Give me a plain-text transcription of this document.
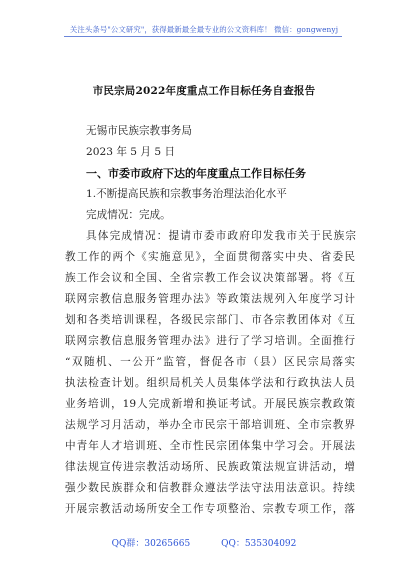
关注头条号"公文研究"，获得最新最全最专业的公文资料库！ 微信：gongwenyj
市民宗局2022年度重点工作目标任务自查报告
无锡市民族宗教事务局
2023 年 5 月 5 日
一、市委市政府下达的年度重点工作目标任务
1.不断提高民族和宗教事务治理法治化水平
完成情况：完成。
具体完成情况：提请市委市政府印发我市关于民族宗
教工作的两个《实施意见》，全面贯彻落实中央、省委民
族工作会议和全国、全省宗教工作会议决策部署。将《互
联网宗教信息服务管理办法》等政策法规列入年度学习计
划和各类培训课程，各级民宗部门、市各宗教团体对《互
联网宗教信息服务管理办法》进行了学习培训。全面推行
“双随机、一公开”监管，督促各市（县）区民宗局落实
执法检查计划。组织局机关人员集体学法和行政执法人员
业务培训，19人完成新增和换证考试。开展民族宗教政策
法规学习月活动，举办全市民宗干部培训班、全市宗教界
中青年人才培训班、全市性民宗团体集中学习会。开展法
律法规宣传进宗教活动场所、民族政策法规宣讲活动，增
强少数民族群众和信教群众遵法学法守法用法意识。持续
开展宗教活动场所安全工作专项整治、宗教专项工作，落
QQ群：30265665	QQ：535304092
